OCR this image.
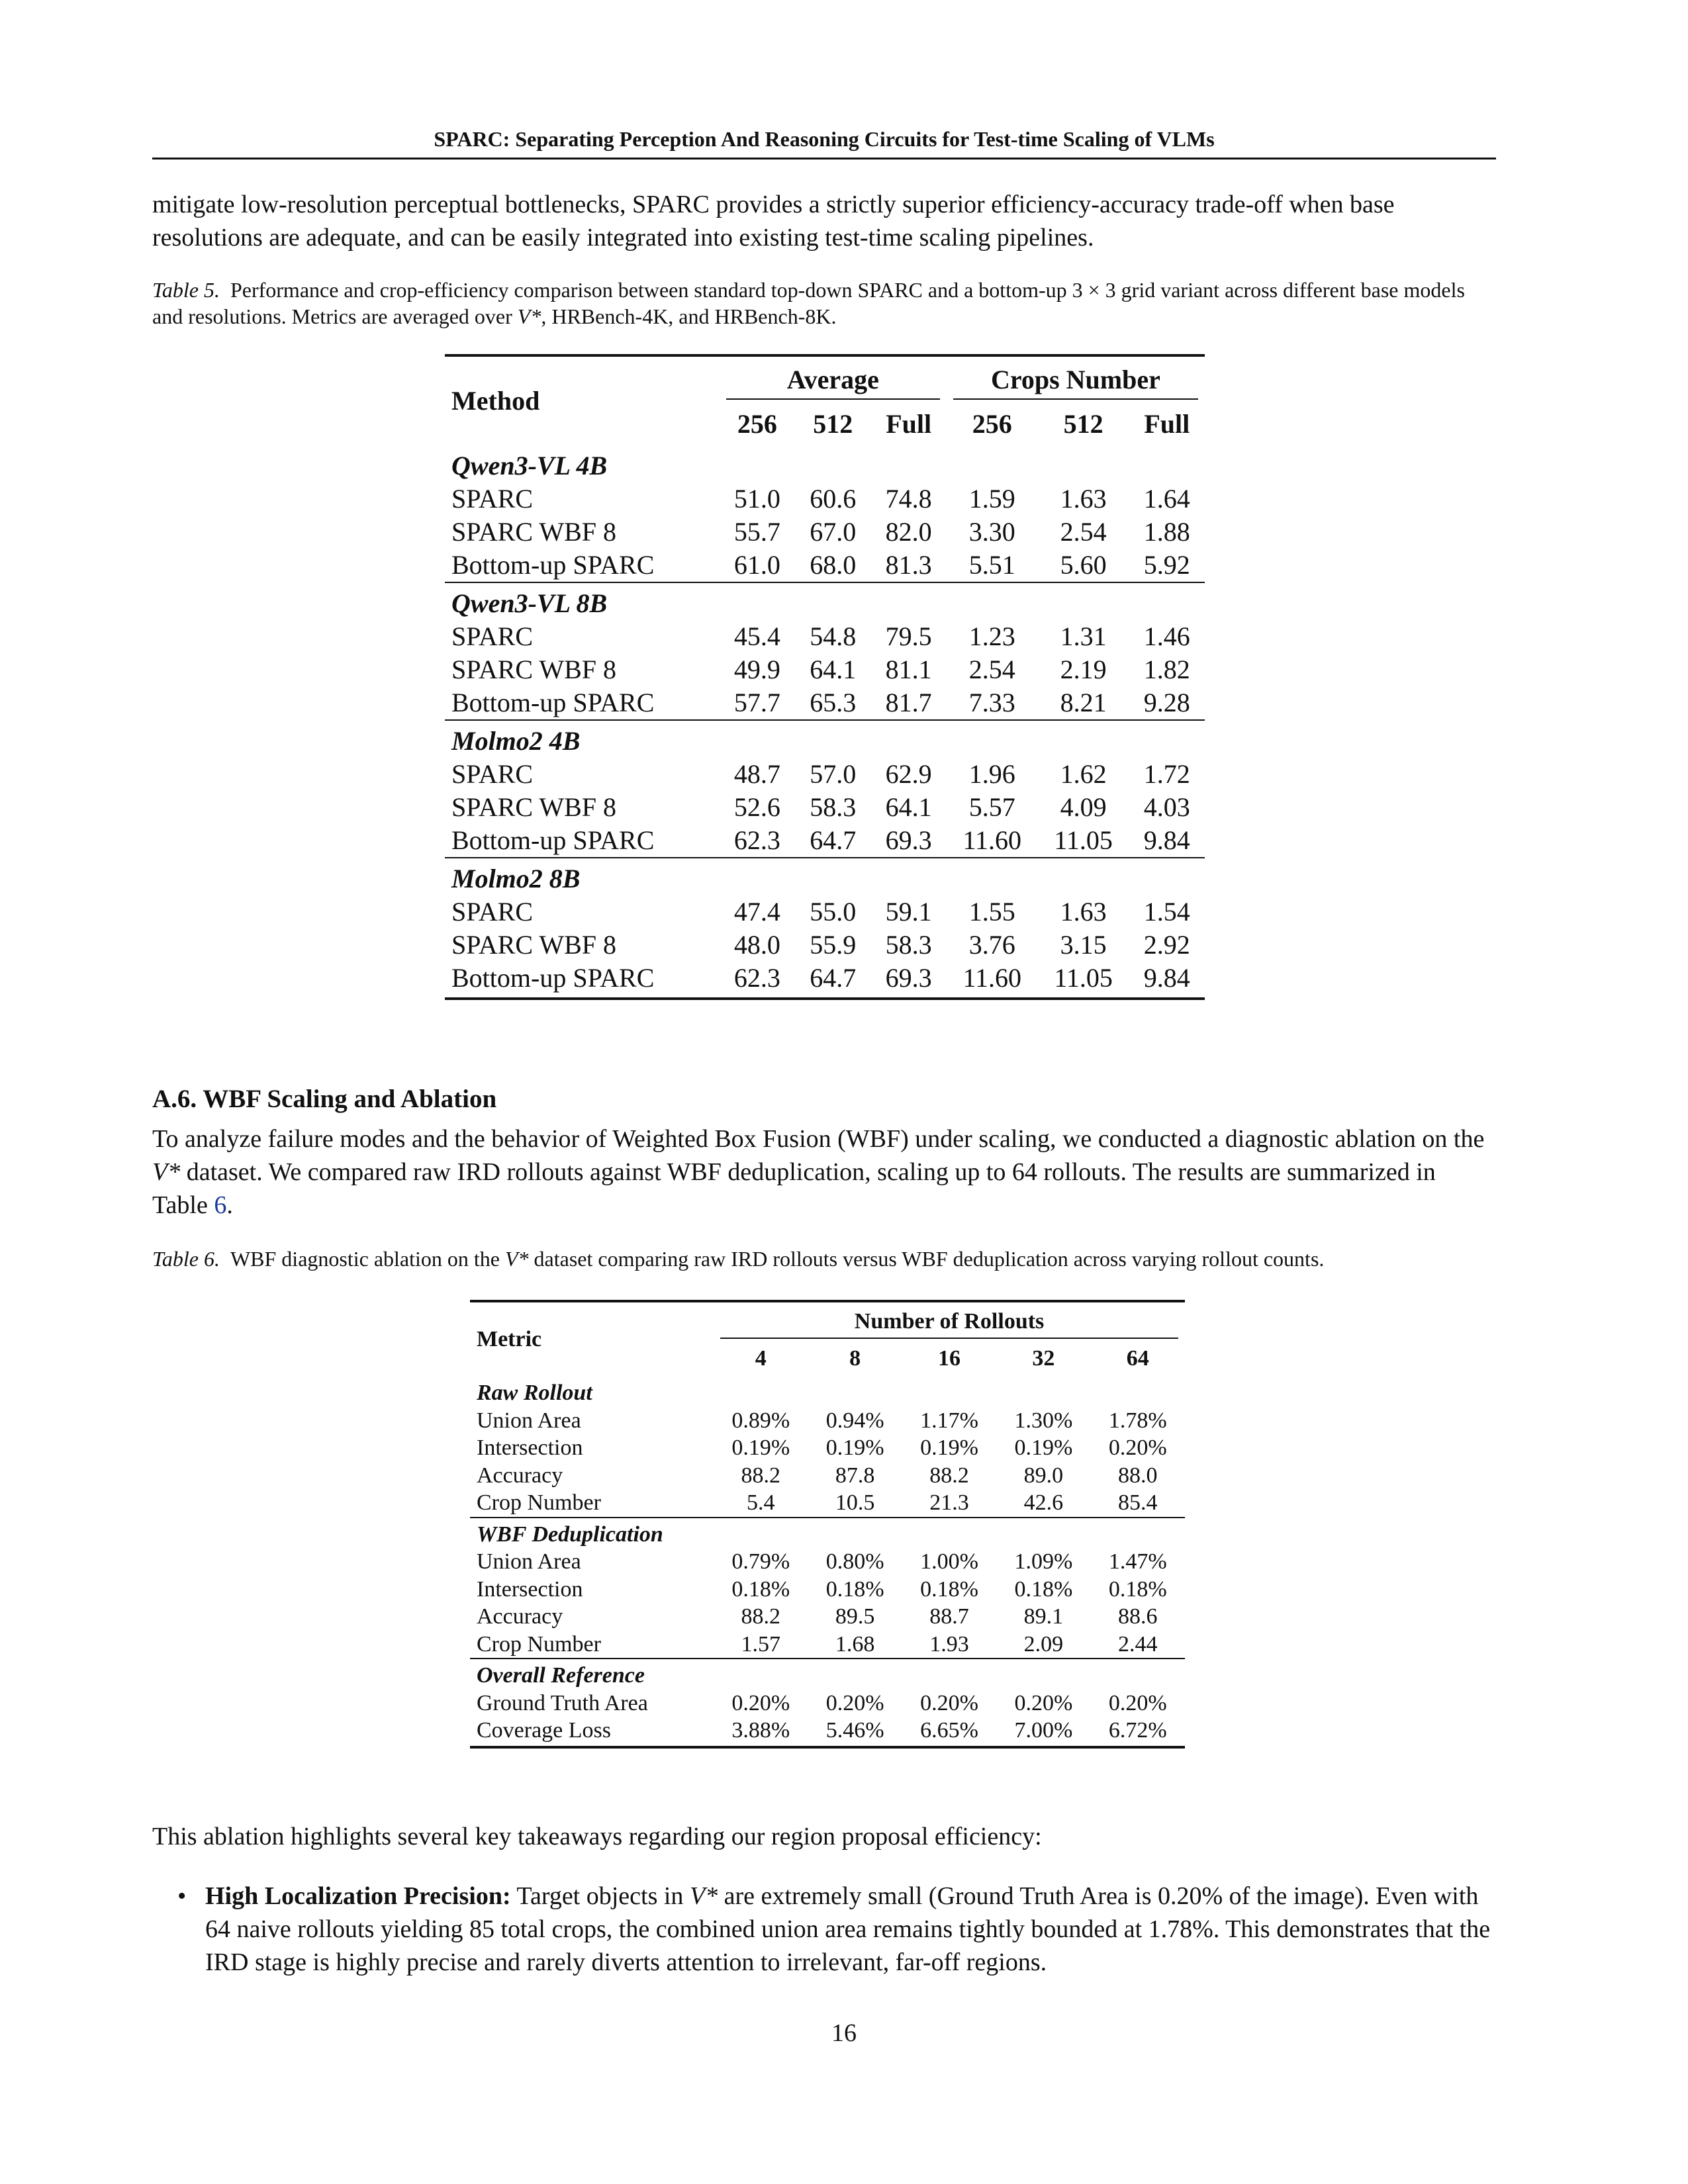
SPARC: Separating Perception And Reasoning Circuits for Test-time Scaling of VLMs

mitigate low-resolution perceptual bottlenecks, SPARC provides a strictly superior efficiency-accuracy trade-off when base resolutions are adequate, and can be easily integrated into existing test-time scaling pipelines.

Table 5. Performance and crop-efficiency comparison between standard top-down SPARC and a bottom-up 3 × 3 grid variant across different base models and resolutions. Metrics are averaged over V*, HRBench-4K, and HRBench-8K.

Method	Average			Crops Number		
	256	512	Full	256	512	Full
Qwen3-VL 4B						
SPARC	51.0	60.6	74.8	1.59	1.63	1.64
SPARC WBF 8	55.7	67.0	82.0	3.30	2.54	1.88
Bottom-up SPARC	61.0	68.0	81.3	5.51	5.60	5.92
Qwen3-VL 8B						
SPARC	45.4	54.8	79.5	1.23	1.31	1.46
SPARC WBF 8	49.9	64.1	81.1	2.54	2.19	1.82
Bottom-up SPARC	57.7	65.3	81.7	7.33	8.21	9.28
Molmo2 4B						
SPARC	48.7	57.0	62.9	1.96	1.62	1.72
SPARC WBF 8	52.6	58.3	64.1	5.57	4.09	4.03
Bottom-up SPARC	62.3	64.7	69.3	11.60	11.05	9.84
Molmo2 8B						
SPARC	47.4	55.0	59.1	1.55	1.63	1.54
SPARC WBF 8	48.0	55.9	58.3	3.76	3.15	2.92
Bottom-up SPARC	62.3	64.7	69.3	11.60	11.05	9.84
A.6. WBF Scaling and Ablation

To analyze failure modes and the behavior of Weighted Box Fusion (WBF) under scaling, we conducted a diagnostic ablation on the V* dataset. We compared raw IRD rollouts against WBF deduplication, scaling up to 64 rollouts. The results are summarized in Table 6.

Table 6. WBF diagnostic ablation on the V* dataset comparing raw IRD rollouts versus WBF deduplication across varying rollout counts.

Metric	Number of Rollouts				
	4	8	16	32	64
Raw Rollout					
Union Area	0.89%	0.94%	1.17%	1.30%	1.78%
Intersection	0.19%	0.19%	0.19%	0.19%	0.20%
Accuracy	88.2	87.8	88.2	89.0	88.0
Crop Number	5.4	10.5	21.3	42.6	85.4
WBF Deduplication					
Union Area	0.79%	0.80%	1.00%	1.09%	1.47%
Intersection	0.18%	0.18%	0.18%	0.18%	0.18%
Accuracy	88.2	89.5	88.7	89.1	88.6
Crop Number	1.57	1.68	1.93	2.09	2.44
Overall Reference					
Ground Truth Area	0.20%	0.20%	0.20%	0.20%	0.20%
Coverage Loss	3.88%	5.46%	6.65%	7.00%	6.72%

This ablation highlights several key takeaways regarding our region proposal efficiency:

• High Localization Precision: Target objects in V* are extremely small (Ground Truth Area is 0.20% of the image). Even with 64 naive rollouts yielding 85 total crops, the combined union area remains tightly bounded at 1.78%. This demonstrates that the IRD stage is highly precise and rarely diverts attention to irrelevant, far-off regions.
16
